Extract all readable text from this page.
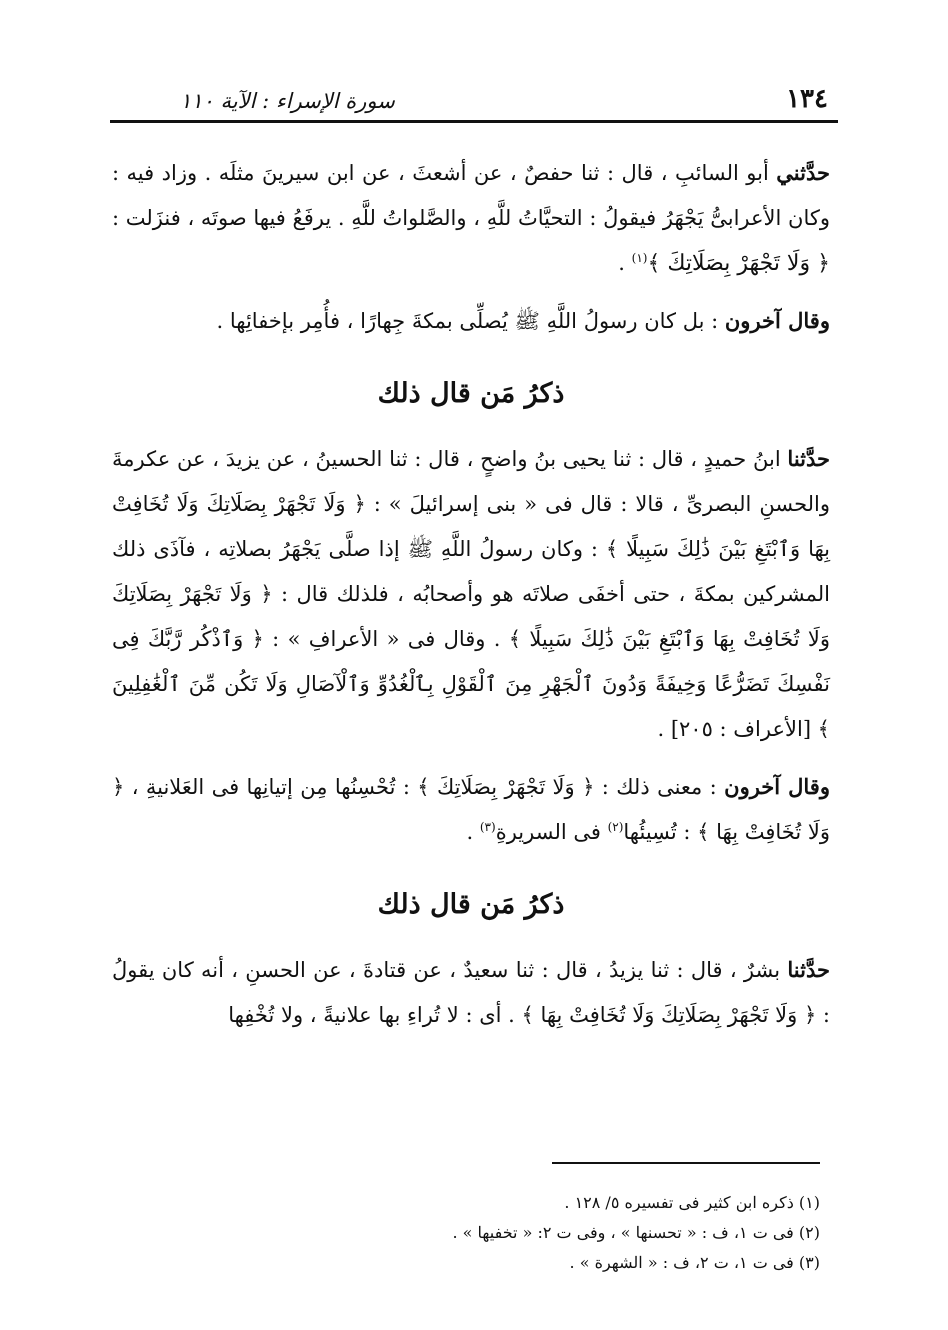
١٣٤
سورة الإسراء : الآية ١١٠

حدَّثني أبو السائبِ ، قال : ثنا حفصٌ ، عن أشعثَ ، عن ابن سيرينَ مثلَه . وزاد فيه : وكان الأعرابىُّ يَجْهَرُ فيقولُ : التحيَّاتُ للَّهِ ، والصَّلواتُ للَّهِ . يرفَعُ فيها صوتَه ، فنزَلت : ﴿ وَلَا تَجْهَرْ بِصَلَاتِكَ ﴾$^{(١)}$ .

وقال آخرون : بل كان رسولُ اللَّهِ ﷺ يُصلِّى بمكةَ جِهارًا ، فأُمِر بإخفائِها .

ذكرُ مَن قال ذلك

حدَّثنا ابنُ حميدٍ ، قال : ثنا يحيى بنُ واضحٍ ، قال : ثنا الحسينُ ، عن يزيدَ ، عن عكرمةَ والحسنِ البصرىِّ ، قالا : قال فى « بنى إسرائيلَ » : ﴿ وَلَا تَجْهَرْ بِصَلَاتِكَ وَلَا تُخَافِتْ بِهَا وَٱبْتَغِ بَيْنَ ذَٰلِكَ سَبِيلًا ﴾ : وكان رسولُ اللَّهِ ﷺ إذا صلَّى يَجْهَرُ بصلاتِه ، فآذَى ذلك المشركين بمكةَ ، حتى أخفَى صلاتَه هو وأصحابُه ، فلذلك قال : ﴿ وَلَا تَجْهَرْ بِصَلَاتِكَ وَلَا تُخَافِتْ بِهَا وَٱبْتَغِ بَيْنَ ذَٰلِكَ سَبِيلًا ﴾ . وقال فى « الأعرافِ » : ﴿ وَٱذْكُر رَّبَّكَ فِى نَفْسِكَ تَضَرُّعًا وَخِيفَةً وَدُونَ ٱلْجَهْرِ مِنَ ٱلْقَوْلِ بِٱلْغُدُوِّ وَٱلْآصَالِ وَلَا تَكُن مِّنَ ٱلْغَٰفِلِينَ ﴾ [الأعراف : ٢٠٥] .

وقال آخرون : معنى ذلك : ﴿ وَلَا تَجْهَرْ بِصَلَاتِكَ ﴾ : تُحْسِنُها مِن إتيانِها فى العَلانيةِ ، ﴿ وَلَا تُخَافِتْ بِهَا ﴾ : تُسِيئُها$^{(٢)}$ فى السريرةِ$^{(٣)}$ .

ذكرُ مَن قال ذلك

حدَّثنا بشرٌ ، قال : ثنا يزيدُ ، قال : ثنا سعيدٌ ، عن قتادةَ ، عن الحسنِ ، أنه كان يقولُ : ﴿ وَلَا تَجْهَرْ بِصَلَاتِكَ وَلَا تُخَافِتْ بِهَا ﴾ . أى : لا تُراءِ بها علانيةً ، ولا تُخْفِها

(١) ذكره ابن كثير فى تفسيره ٥/ ١٢٨ .

(٢) فى ت ١، ف : « تحسنها » ، وفى ت ٢: « تخفيها » .

(٣) فى ت ١، ت ٢، ف : « الشهرة » .
